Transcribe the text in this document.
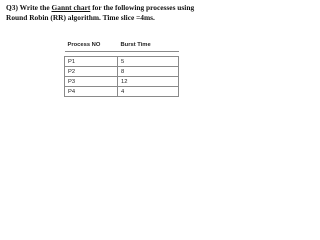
Q3) Write the Gannt chart for the following processes using
Round Robin (RR) algorithm. Time slice =4ms.
Process NO	Burst Time

P1	5
P2	8
P3	12
P4	4
